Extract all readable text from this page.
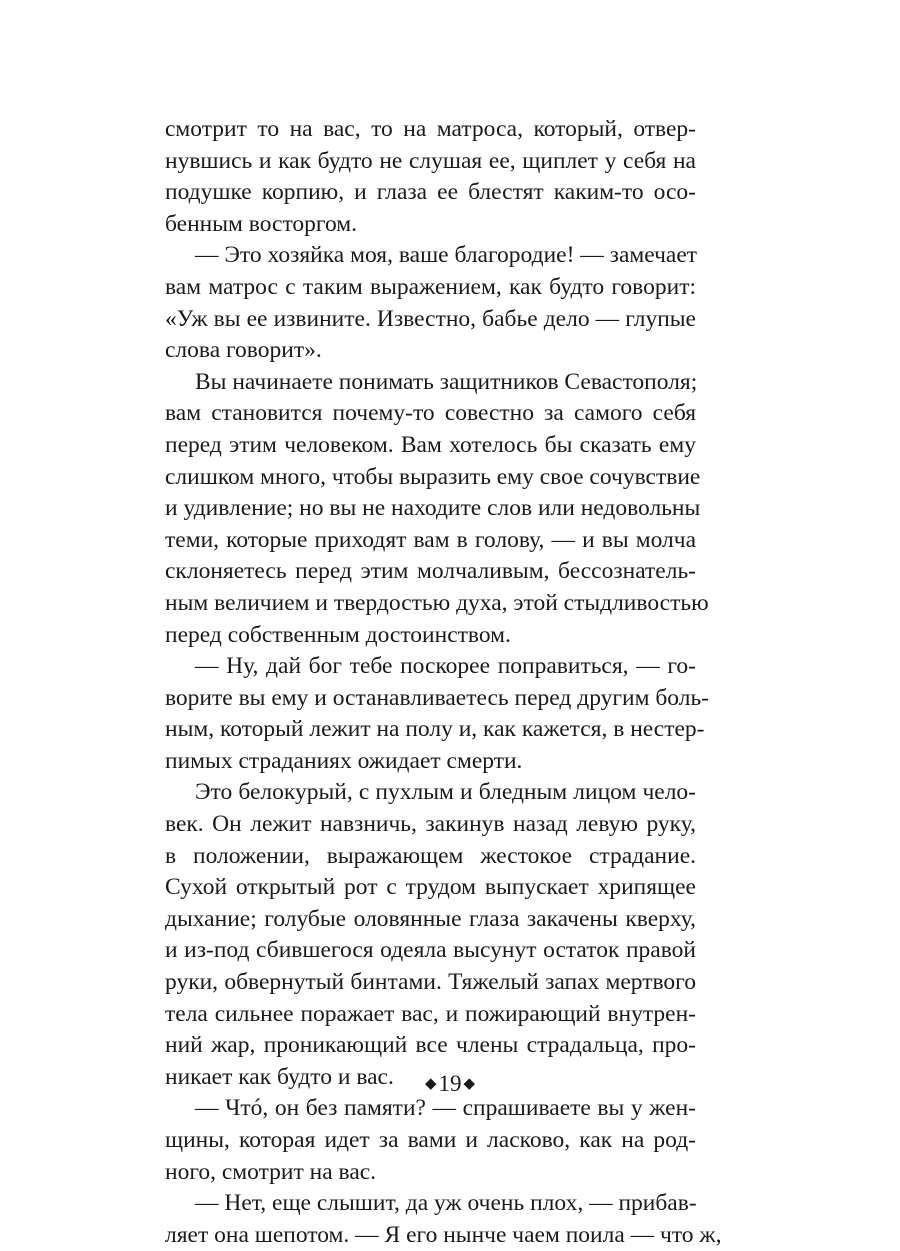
смотрит то на вас, то на матроса, который, отвер-
нувшись и как будто не слушая ее, щиплет у себя на
подушке корпию, и глаза ее блестят каким-то осо-
бенным восторгом.
— Это хозяйка моя, ваше благородие! — замечает
вам матрос с таким выражением, как будто говорит:
«Уж вы ее извините. Известно, бабье дело — глупые
слова говорит».
Вы начинаете понимать защитников Севастополя;
вам становится почему-то совестно за самого себя
перед этим человеком. Вам хотелось бы сказать ему
слишком много, чтобы выразить ему свое сочувствие
и удивление; но вы не находите слов или недовольны
теми, которые приходят вам в голову, — и вы молча
склоняетесь перед этим молчаливым, бессознатель-
ным величием и твердостью духа, этой стыдливостью
перед собственным достоинством.
— Ну, дай бог тебе поскорее поправиться, — го-
ворите вы ему и останавливаетесь перед другим боль-
ным, который лежит на полу и, как кажется, в нестер-
пимых страданиях ожидает смерти.
Это белокурый, с пухлым и бледным лицом чело-
век. Он лежит навзничь, закинув назад левую руку,
в положении, выражающем жестокое страдание.
Сухой открытый рот с трудом выпускает хрипящее
дыхание; голубые оловянные глаза закачены кверху,
и из-под сбившегося одеяла высунут остаток правой
руки, обвернутый бинтами. Тяжелый запах мертвого
тела сильнее поражает вас, и пожирающий внутрен-
ний жар, проникающий все члены страдальца, про-
никает как будто и вас.
— Чтó, он без памяти? — спрашиваете вы у жен-
щины, которая идет за вами и ласково, как на род-
ного, смотрит на вас.
— Нет, еще слышит, да уж очень плох, — прибав-
ляет она шепотом. — Я его нынче чаем поила — что ж,
◆19 ◆
